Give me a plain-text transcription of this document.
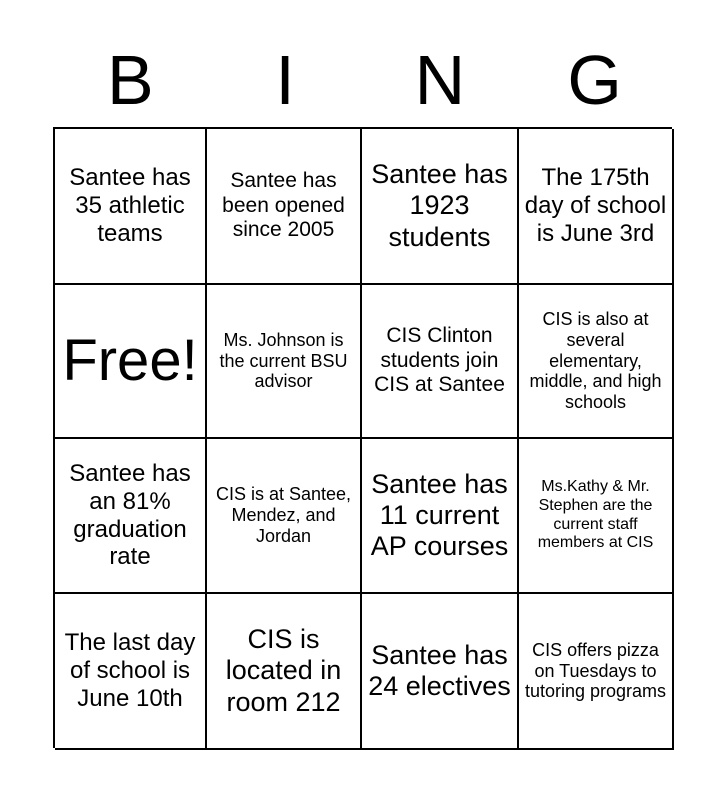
B	I	N	G
Santee has 35 athletic teams
Santee has been opened since 2005
Santee has 1923 students
The 175th day of school is June 3rd
Free!	Ms. Johnson is the current BSU advisor
CIS Clinton students join CIS at Santee
CIS is also at several elementary, middle, and high schools
Santee has an 81% graduation rate
CIS is at Santee, Mendez, and Jordan
Santee has 11 current AP courses
Ms.Kathy & Mr. Stephen are the current staff members at CIS
The last day of school is June 10th
CIS is located in room 212
Santee has 24 electives
CIS offers pizza on Tuesdays to tutoring programs
